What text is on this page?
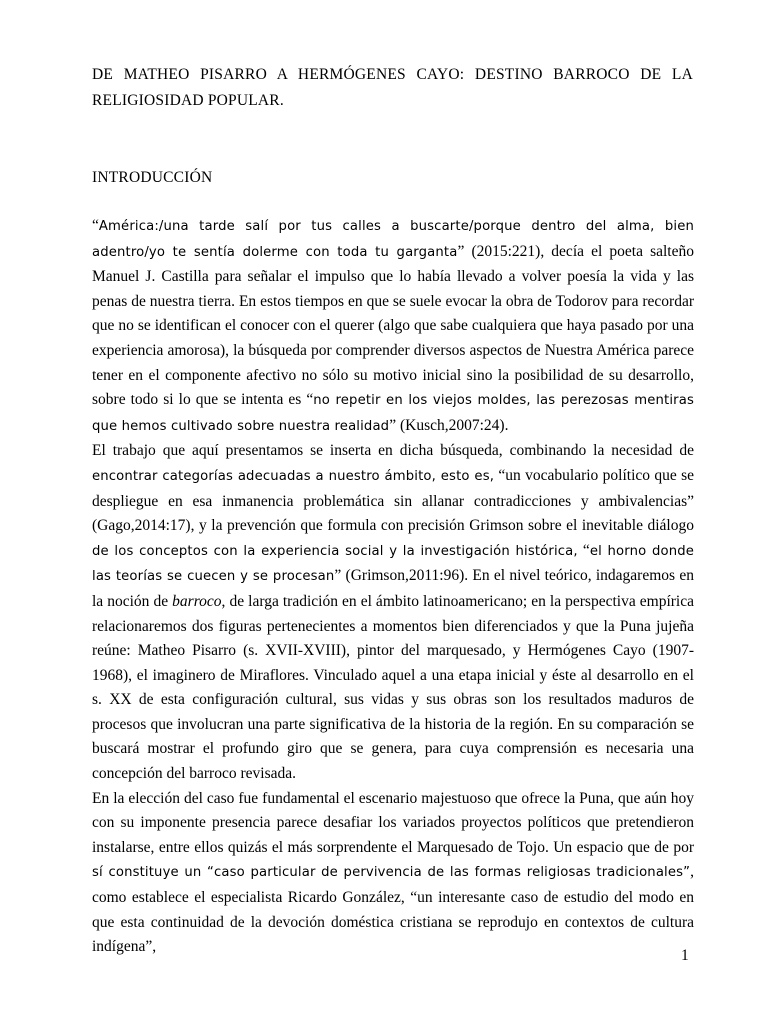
DE MATHEO PISARRO A HERMÓGENES CAYO: DESTINO BARROCO DE LA RELIGIOSIDAD POPULAR.

INTRODUCCIÓN

“América:/una tarde salí por tus calles a buscarte/porque dentro del alma, bien adentro/yo te sentía dolerme con toda tu garganta” (2015:221), decía el poeta salteño Manuel J. Castilla para señalar el impulso que lo había llevado a volver poesía la vida y las penas de nuestra tierra. En estos tiempos en que se suele evocar la obra de Todorov para recordar que no se identifican el conocer con el querer (algo que sabe cualquiera que haya pasado por una experiencia amorosa), la búsqueda por comprender diversos aspectos de Nuestra América parece tener en el componente afectivo no sólo su motivo inicial sino la posibilidad de su desarrollo, sobre todo si lo que se intenta es “no repetir en los viejos moldes, las perezosas mentiras que hemos cultivado sobre nuestra realidad” (Kusch,2007:24).

El trabajo que aquí presentamos se inserta en dicha búsqueda, combinando la necesidad de encontrar categorías adecuadas a nuestro ámbito, esto es, “un vocabulario político que se despliegue en esa inmanencia problemática sin allanar contradicciones y ambivalencias” (Gago,2014:17), y la prevención que formula con precisión Grimson sobre el inevitable diálogo de los conceptos con la experiencia social y la investigación histórica, “el horno donde las teorías se cuecen y se procesan” (Grimson,2011:96). En el nivel teórico, indagaremos en la noción de barroco, de larga tradición en el ámbito latinoamericano; en la perspectiva empírica relacionaremos dos figuras pertenecientes a momentos bien diferenciados y que la Puna jujeña reúne: Matheo Pisarro (s. XVII-XVIII), pintor del marquesado, y Hermógenes Cayo (1907-1968), el imaginero de Miraflores. Vinculado aquel a una etapa inicial y éste al desarrollo en el s. XX de esta configuración cultural, sus vidas y sus obras son los resultados maduros de procesos que involucran una parte significativa de la historia de la región. En su comparación se buscará mostrar el profundo giro que se genera, para cuya comprensión es necesaria una concepción del barroco revisada.

En la elección del caso fue fundamental el escenario majestuoso que ofrece la Puna, que aún hoy con su imponente presencia parece desafiar los variados proyectos políticos que pretendieron instalarse, entre ellos quizás el más sorprendente el Marquesado de Tojo. Un espacio que de por sí constituye un “caso particular de pervivencia de las formas religiosas tradicionales”, como establece el especialista Ricardo González, “un interesante caso de estudio del modo en que esta continuidad de la devoción doméstica cristiana se reprodujo en contextos de cultura indígena”,

1
